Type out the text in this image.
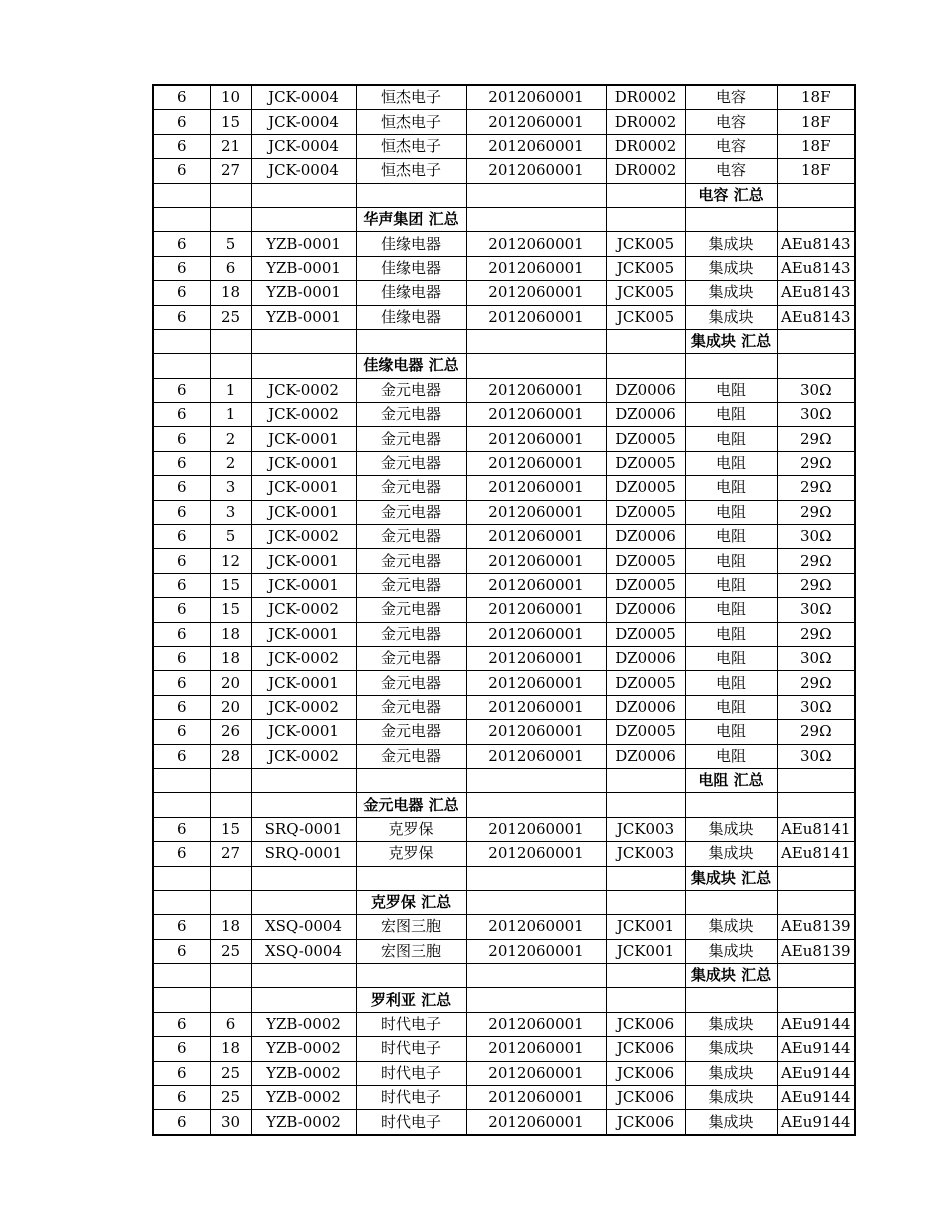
6	10	JCK-0004	恒杰电子	2012060001	DR0002	电容	18F
6	15	JCK-0004	恒杰电子	2012060001	DR0002	电容	18F
6	21	JCK-0004	恒杰电子	2012060001	DR0002	电容	18F
6	27	JCK-0004	恒杰电子	2012060001	DR0002	电容	18F
						电容 汇总	
			华声集团 汇总				
6	5	YZB-0001	佳缘电器	2012060001	JCK005	集成块	AEu8143
6	6	YZB-0001	佳缘电器	2012060001	JCK005	集成块	AEu8143
6	18	YZB-0001	佳缘电器	2012060001	JCK005	集成块	AEu8143
6	25	YZB-0001	佳缘电器	2012060001	JCK005	集成块	AEu8143
						集成块 汇总	
			佳缘电器 汇总				
6	1	JCK-0002	金元电器	2012060001	DZ0006	电阻	30Ω
6	1	JCK-0002	金元电器	2012060001	DZ0006	电阻	30Ω
6	2	JCK-0001	金元电器	2012060001	DZ0005	电阻	29Ω
6	2	JCK-0001	金元电器	2012060001	DZ0005	电阻	29Ω
6	3	JCK-0001	金元电器	2012060001	DZ0005	电阻	29Ω
6	3	JCK-0001	金元电器	2012060001	DZ0005	电阻	29Ω
6	5	JCK-0002	金元电器	2012060001	DZ0006	电阻	30Ω
6	12	JCK-0001	金元电器	2012060001	DZ0005	电阻	29Ω
6	15	JCK-0001	金元电器	2012060001	DZ0005	电阻	29Ω
6	15	JCK-0002	金元电器	2012060001	DZ0006	电阻	30Ω
6	18	JCK-0001	金元电器	2012060001	DZ0005	电阻	29Ω
6	18	JCK-0002	金元电器	2012060001	DZ0006	电阻	30Ω
6	20	JCK-0001	金元电器	2012060001	DZ0005	电阻	29Ω
6	20	JCK-0002	金元电器	2012060001	DZ0006	电阻	30Ω
6	26	JCK-0001	金元电器	2012060001	DZ0005	电阻	29Ω
6	28	JCK-0002	金元电器	2012060001	DZ0006	电阻	30Ω
						电阻 汇总	
			金元电器 汇总				
6	15	SRQ-0001	克罗保	2012060001	JCK003	集成块	AEu8141
6	27	SRQ-0001	克罗保	2012060001	JCK003	集成块	AEu8141
						集成块 汇总	
			克罗保 汇总				
6	18	XSQ-0004	宏图三胞	2012060001	JCK001	集成块	AEu8139
6	25	XSQ-0004	宏图三胞	2012060001	JCK001	集成块	AEu8139
						集成块 汇总	
			罗利亚 汇总				
6	6	YZB-0002	时代电子	2012060001	JCK006	集成块	AEu9144
6	18	YZB-0002	时代电子	2012060001	JCK006	集成块	AEu9144
6	25	YZB-0002	时代电子	2012060001	JCK006	集成块	AEu9144
6	25	YZB-0002	时代电子	2012060001	JCK006	集成块	AEu9144
6	30	YZB-0002	时代电子	2012060001	JCK006	集成块	AEu9144
